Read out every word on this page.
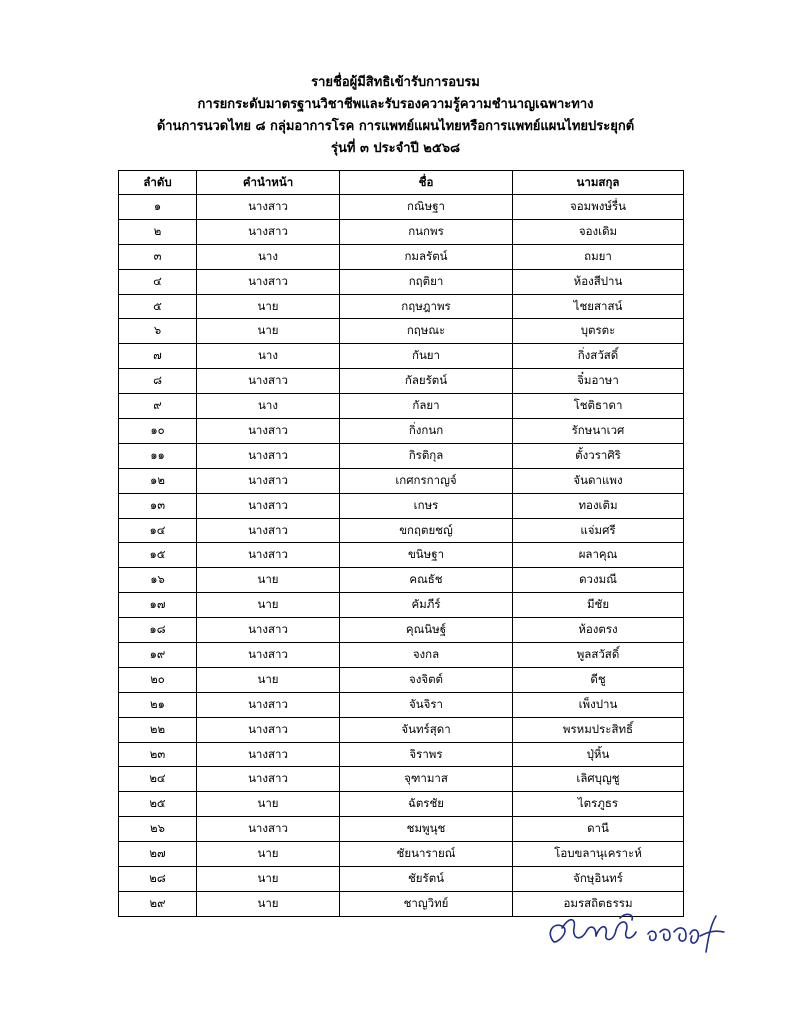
รายชื่อผู้มีสิทธิเข้ารับการอบรม
การยกระดับมาตรฐานวิชาชีพและรับรองความรู้ความชำนาญเฉพาะทาง
ด้านการนวดไทย ๘ กลุ่มอาการโรค การแพทย์แผนไทยหรือการแพทย์แผนไทยประยุกต์
รุ่นที่ ๓ ประจำปี ๒๕๖๘
ลำดับ	คำนำหน้า	ชื่อ	นามสกุล
๑	นางสาว	กณิษฐา	จอมพงษ์รื่น
๒	นางสาว	กนกพร	จองเดิม
๓	นาง	กมลรัตน์	ถมยา
๔	นางสาว	กฤติยา	ห้องสีปาน
๕	นาย	กฤษฎาพร	ไชยสาสน์
๖	นาย	กฤษณะ	บุตรตะ
๗	นาง	กันยา	กิ่งสวัสดิ์
๘	นางสาว	กัลยรัตน์	จิ๋มอาษา
๙	นาง	กัลยา	โชติธาดา
๑๐	นางสาว	กิ่งกนก	รักษนาเวศ
๑๑	นางสาว	กิรติกุล	ตั้งวราศิริ
๑๒	นางสาว	เกศกรกาญจ์	จันดาแพง
๑๓	นางสาว	เกษร	ทองเติม
๑๔	นางสาว	ขกฤตยชญ์	แจ่มศรี
๑๕	นางสาว	ขนิษฐา	ผลาคุณ
๑๖	นาย	คณธัช	ดวงมณี
๑๗	นาย	คัมภีร์	มีชัย
๑๘	นางสาว	คุณนิษฐ์	ห้องตรง
๑๙	นางสาว	จงกล	พูลสวัสดิ์
๒๐	นาย	จงจิตต์	ดีชู
๒๑	นางสาว	จันจิรา	เพ็งปาน
๒๒	นางสาว	จันทร์สุดา	พรหมประสิทธิ์
๒๓	นางสาว	จิราพร	ปุ่หิ้น
๒๔	นางสาว	จุฑามาส	เลิศบุญชู
๒๕	นาย	ฉัตรชัย	ไตรภูธร
๒๖	นางสาว	ชมพูนุช	ดานี
๒๗	นาย	ชัยนารายณ์	โอบขลานุเคราะห์
๒๘	นาย	ชัยรัตน์	จักษุอินทร์
๒๙	นาย	ชาญวิทย์	อมรสถิตธรรม
